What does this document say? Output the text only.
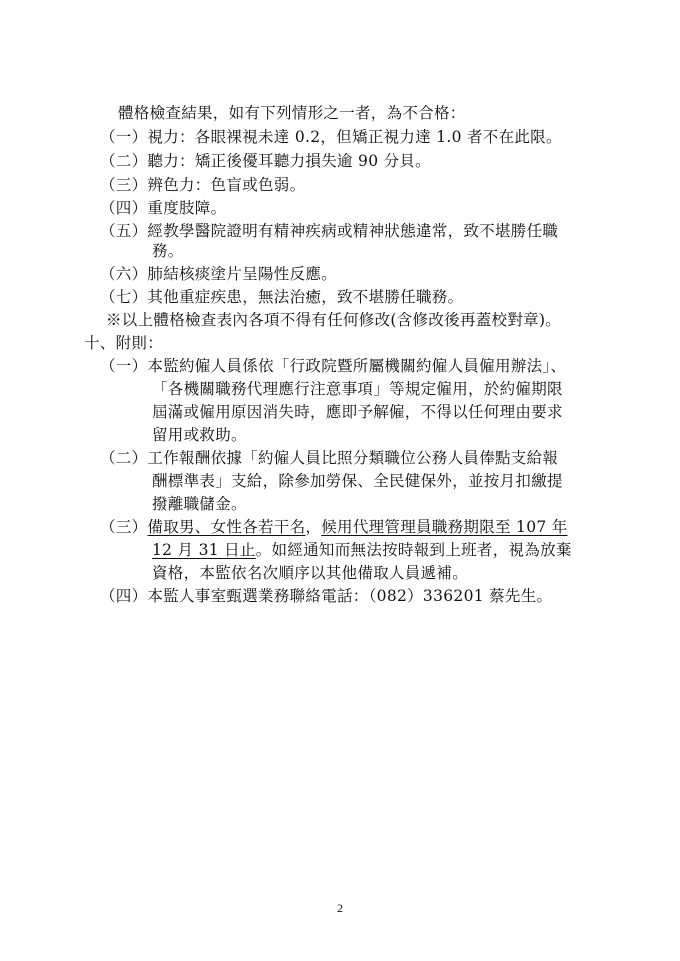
體格檢查結果，如有下列情形之一者，為不合格：
（一）視力：各眼裸視未達 0.2，但矯正視力達 1.0 者不在此限。
（二）聽力：矯正後優耳聽力損失逾 90 分貝。
（三）辨色力：色盲或色弱。
（四）重度肢障。
（五）經教學醫院證明有精神疾病或精神狀態違常，致不堪勝任職
務。
（六）肺結核痰塗片呈陽性反應。
（七）其他重症疾患，無法治癒，致不堪勝任職務。
※以上體格檢查表內各項不得有任何修改(含修改後再蓋校對章)。
十、附則：
（一）本監約僱人員係依「行政院暨所屬機關約僱人員僱用辦法」、
「各機關職務代理應行注意事項」等規定僱用，於約僱期限
屆滿或僱用原因消失時，應即予解僱，不得以任何理由要求
留用或救助。
（二）工作報酬依據「約僱人員比照分類職位公務人員俸點支給報
酬標準表」支給，除參加勞保、全民健保外，並按月扣繳提
撥離職儲金。
（三）備取男、女性各若干名，候用代理管理員職務期限至 107 年
12 月 31 日止。如經通知而無法按時報到上班者，視為放棄
資格，本監依名次順序以其他備取人員遞補。
（四）本監人事室甄選業務聯絡電話：（082）336201 蔡先生。
2
